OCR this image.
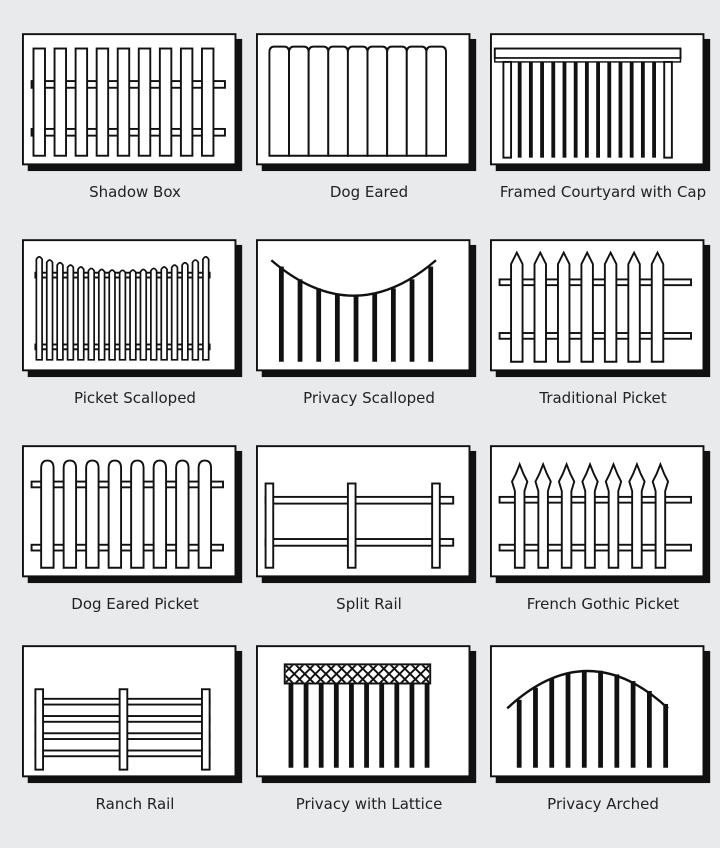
Shadow Box	Dog Eared	Framed Courtyard with Cap
Picket Scalloped	Privacy Scalloped	Traditional Picket
Dog Eared Picket	Split Rail	French Gothic Picket
Ranch Rail	Privacy with Lattice	Privacy Arched
